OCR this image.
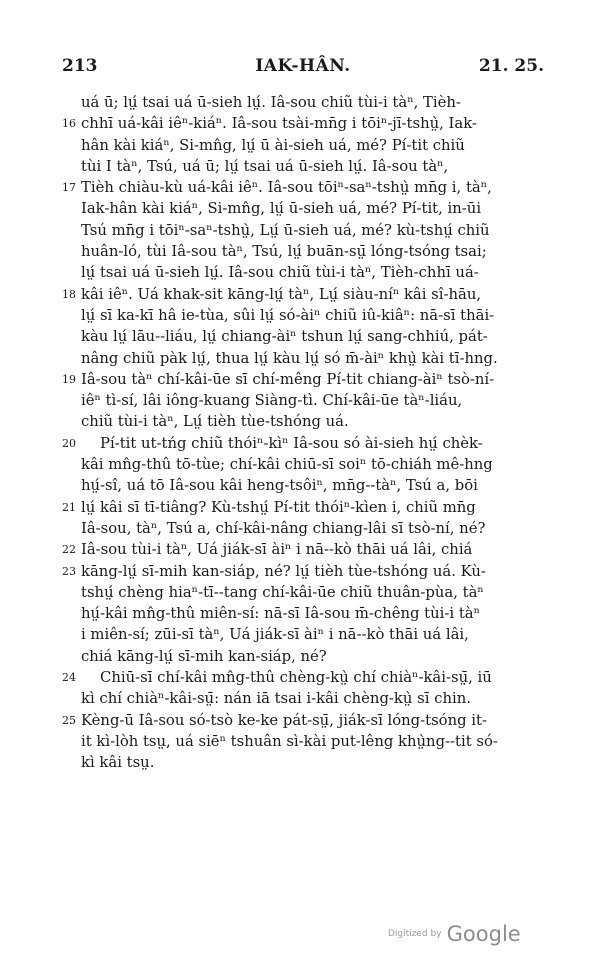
213	IAK-HÂN.	21. 25.
uá ū; lṳ́ tsai uá ū-sieh lṳ́. Iâ-sou chiũ tùi-i tàⁿ, Tièh-
16 chhī uá-kâi iêⁿ-kiáⁿ. Iâ-sou tsài-mn̄g i tōiⁿ-jī-tshṳ̀, Iak-
hân kài kiáⁿ, Si-mn̂g, lṳ́ ū ài-sieh uá, mé? Pí-tit chiũ
tùi I tàⁿ, Tsú, uá ū; lṳ́ tsai uá ū-sieh lṳ́. Iâ-sou tàⁿ,
17 Tièh chiàu-kù uá-kâi iêⁿ. Iâ-sou tōiⁿ-saⁿ-tshṳ̀ mn̄g i, tàⁿ,
Iak-hân kài kiáⁿ, Si-mn̂g, lṳ́ ū-sieh uá, mé? Pí-tit, in-ūi
Tsú mn̄g i tōiⁿ-saⁿ-tshṳ̀, Lṳ́ ū-sieh uá, mé? kù-tshṳ́ chiũ
huân-ló, tùi Iâ-sou tàⁿ, Tsú, lṳ́ buān-sṳ̄ lóng-tsóng tsai;
lṳ́ tsai uá ū-sieh lṳ́. Iâ-sou chiũ tùi-i tàⁿ, Tièh-chhī uá-
18 kâi iêⁿ. Uá khak-sit kāng-lṳ́ tàⁿ, Lṳ́ siàu-níⁿ kâi sî-hāu,
lṳ́ sī ka-kī hâ ie-tùa, sûi lṳ́ só-àiⁿ chiũ iû-kiâⁿ: nā-sī thāi-
kàu lṳ́ lāu--liáu, lṳ́ chiang-àiⁿ tshun lṳ́ sang-chhiú, pát-
nâng chiũ pàk lṳ́, thua lṳ́ kàu lṳ́ só m̄-àiⁿ khṳ̀ kài tī-hng.
19 Iâ-sou tàⁿ chí-kâi-ūe sī chí-mêng Pí-tit chiang-àiⁿ tsò-ní-
iêⁿ tì-sí, lâi iông-kuang Siàng-tì. Chí-kâi-ūe tàⁿ-liáu,
chiũ tùi-i tàⁿ, Lṳ́ tièh tùe-tshóng uá.
20 Pí-tit ut-tńg chiũ thóiⁿ-kìⁿ Iâ-sou só ài-sieh hṳ́ chèk-
kâi mn̂g-thû tō-tùe; chí-kâi chiū-sī soiⁿ tō-chiáh mê-hng
hṳ́-sî, uá tō Iâ-sou kâi heng-tsôiⁿ, mn̄g--tàⁿ, Tsú a, bōi
21 lṳ́ kâi sī tī-tiâng? Kù-tshṳ́ Pí-tit thóiⁿ-kìen i, chiũ mn̄g
Iâ-sou, tàⁿ, Tsú a, chí-kâi-nâng chiang-lâi sī tsò-ní, né?
22 Iâ-sou tùi-i tàⁿ, Uá jiák-sī àiⁿ i nā--kò thāi uá lâi, chiá
23 kāng-lṳ́ sī-mih kan-siáp, né? lṳ́ tièh tùe-tshóng uá. Kù-
tshṳ́ chèng hiaⁿ-tī--tang chí-kâi-ūe chiũ thuân-pùa, tàⁿ
hṳ́-kâi mn̂g-thû miên-sí: nā-sī Iâ-sou m̄-chêng tùi-i tàⁿ
i miên-sí; zūi-sī tàⁿ, Uá jiák-sī àiⁿ i nā--kò thāi uá lâi,
chiá kāng-lṳ́ sī-mih kan-siáp, né?
24 Chiū-sī chí-kâi mn̂g-thû chèng-kṳ̀ chí chiàⁿ-kâi-sṳ̄, iū
kì chí chiàⁿ-kâi-sṳ̄: nán iā tsai i-kâi chèng-kṳ̀ sī chin.
25 Kèng-ū Iâ-sou só-tsò ke-ke pát-sṳ̄, jiák-sī lóng-tsóng it-
it kì-lòh tsṳ, uá siēⁿ tshuân sì-kài put-lêng khṳ̀ng--tit só-
kì kâi tsṳ.
Digitized by Google
